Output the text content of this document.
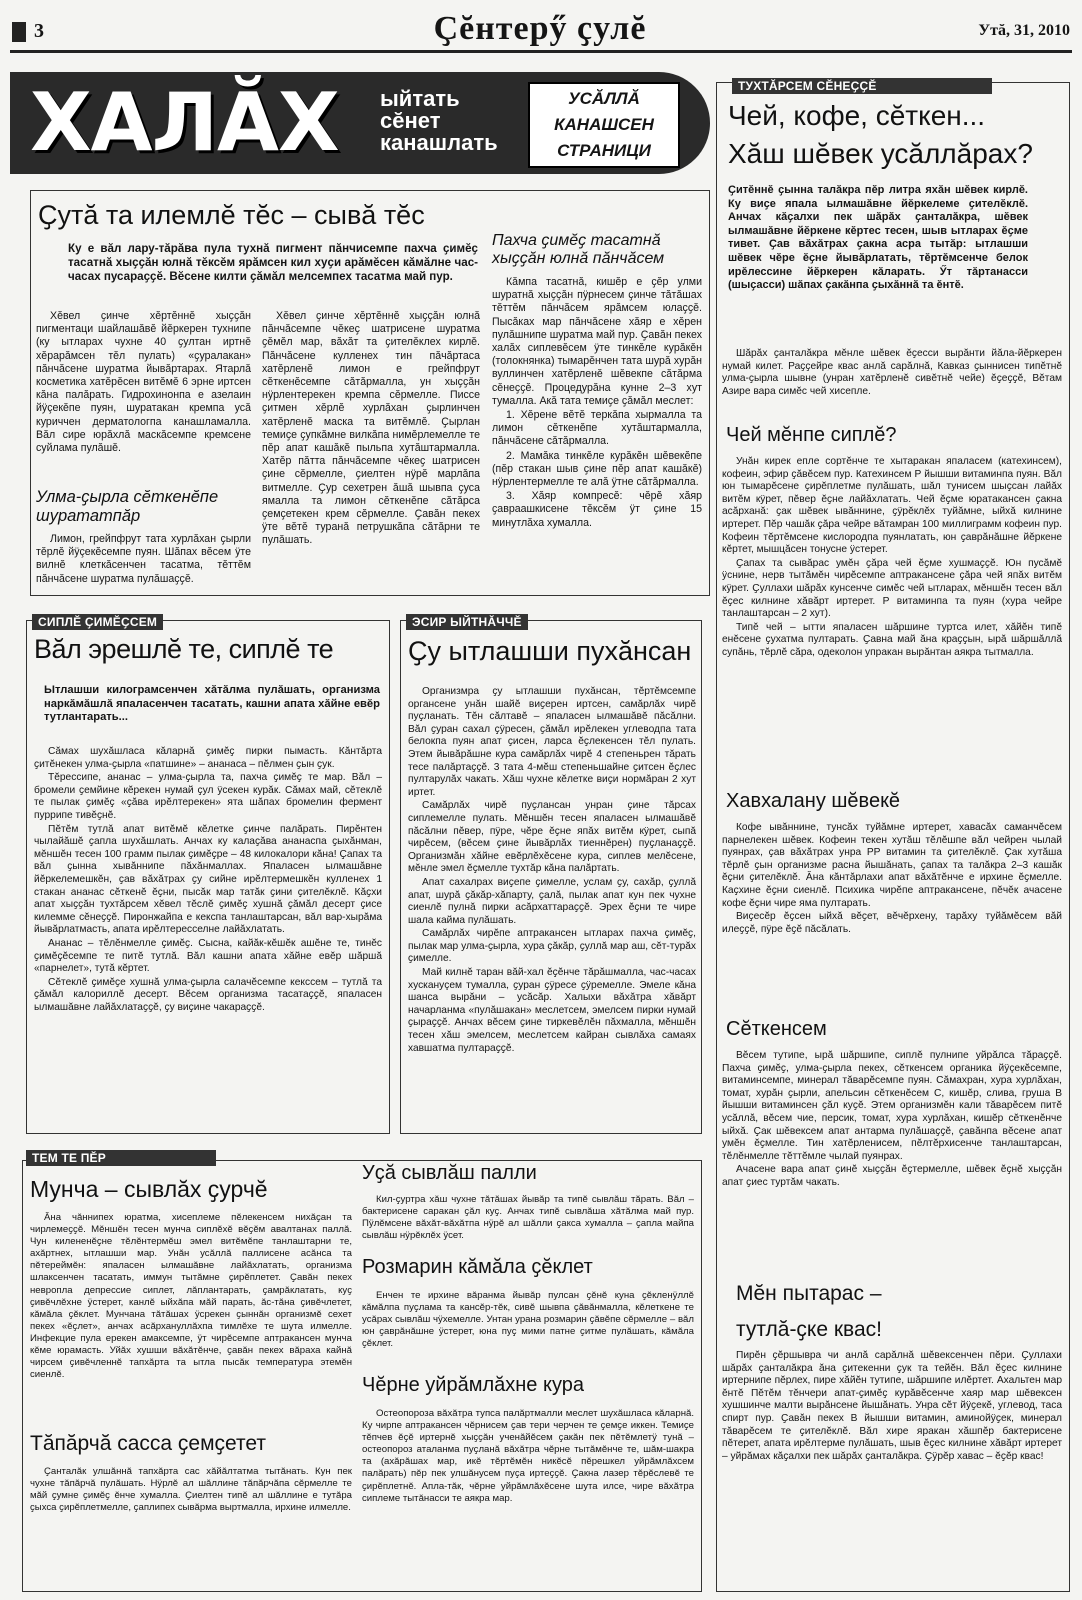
3	Ҫĕнтерӳ ҫулĕ	Утă, 31, 2010
ХАЛĂХ ыйтать
сĕнет
канашлать
УСĂЛЛĂ
КАНАШСЕН
СТРАНИЦИ
Ҫутă та илемлĕ тĕс – сывă тĕс
Ку е вăл лару-тăрăва пула тухнă пигмент пăнчисемпе пахча ҫимĕҫ тасатнă хыҫҫăн юлнă тĕксĕм ярăмсен кил хуҫи арăмĕсен кăмăлне час-часах пусараҫҫĕ. Вĕсене килти ҫăмăл мелсемпех тасатма май пур.

Хĕвел ҫинче хĕртĕннĕ хыҫҫăн пигментаци шайлашăвĕ йĕркерен тухнипе (ку ытларах чухне 40 ҫултан иртнĕ хĕрарăмсен тĕл пулать) «ҫуралакан» пăнчăсене шуратма йывăртарах. Ятарлă косметика хатĕрĕсен витĕмĕ 6 эрне иртсен кăна палăрать. Гидрохинонпа е азелаин йÿçекĕпе пуян, шуратакан кремпа усă куриччен дерматологпа канашламалла. Вăл сире юрăхлă маскăсемпе кремсене суйлама пулăшĕ.

Улма-ҫырла сĕткенĕпе шурататпăр

Лимон, грейпфрут тата хурлăхан ҫырли тĕрлĕ йÿçекĕсемпе пуян. Шăпах вĕсем ÿте вилнĕ клеткăсенчен тасатма, тĕттĕм пăнчăсене шуратма пулăшаҫҫĕ.

Хĕвел ҫинче хĕртĕннĕ хыҫҫăн юлнă пăнчăсемпе чĕкеҫ шатрисене шуратма ҫĕмĕл мар, вăхăт та ҫителĕклех кирлĕ. Пăнчăсене кулленех тин пăчăртаса хатĕрленĕ лимон е грейпфрут сĕткенĕсемпе сăтăрмалла, ун хыҫҫăн нÿрлентерекен кремпа сĕрмелле. Писсе ҫитмен хĕрлĕ хурлăхан ҫырлинчен хатĕрленĕ маска та витĕмлĕ. Ҫырлан темиҫе ҫупкăмне вилкăпа нимĕрлемелле те пĕр апат кашăкĕ пыльпа хутăштармалла. Хатĕр пăтта пăнчăсемпе чĕкеҫ шатрисен ҫине сĕрмелле, ҫиелтен нÿрĕ марлăпа витмелле. Ҫур сехетрен ăшă шывпа ҫуса ямалла та лимон сĕткенĕпе сăтăрса ҫемҫетекен крем сĕрмелле. Ҫавăн пекех ÿте вĕтĕ туранă петрушкăпа сăтăрни те пулăшать.

Пахча ҫимĕҫ тасатнă хыҫҫăн юлнă пăнчăсем

Кăмпа тасатнă, кишĕр е ҫĕр улми шуратнă хыҫҫăн пÿрнесем ҫинче тăтăшах тĕттĕм пăнчăсем ярăмсем юлаҫҫĕ. Пысăках мар пăнчăсене хăяр е хĕрен пулăшнипе шуратма май пур. Ҫавăн пекех халăх сиплевĕсем ÿте тинкĕле курăкĕн (толокнянка) тымарĕнчен тата шурă хурăн вуллинчен хатĕрленĕ шĕвекпе сăтăрма сĕнеҫҫĕ. Процедурăна кунне 2–3 хут тумалла. Акă тата темиҫе ҫăмăл меслет:

1. Хĕрене вĕтĕ теркăпа хырмалла та лимон сĕткенĕпе хутăштармалла, пăнчăсене сăтăрмалла.

2. Мамăка тинкĕле курăкĕн шĕвекĕпе (пĕр стакан шыв ҫине пĕр апат кашăкĕ) нÿрлентермелле те алă ÿтне сăтăрмалла.

3. Хăяр компресĕ: чĕрĕ хăяр ҫавраашкисене тĕксĕм ÿт ҫине 15 минутлăха хумалла.

СИПЛĔ ҪИМĔҪСЕМ
Вăл эрешлĕ те, сиплĕ те
Ытлашши килограмсенчен хăтăлма пулăшать, организма наркăмăшлă япаласенчен тасатать, кашни апата хăйне евĕр тутлантарать...

Сăмах шухăшласа кăларнă ҫимĕҫ пирки пымасть. Кăнтăрта ҫитĕнекен улма-ҫырла «патшине» – ананаса – пĕлмен ҫын ҫук.

Тĕрессипе, ананас – улма-ҫырла та, пахча ҫимĕҫ те мар. Вăл – бромели ҫемйине кĕрекен нумай ҫул ÿсекен курăк. Сăмах май, сĕтеклĕ те пылак ҫимĕҫ «ҫăва ирĕлтерекен» ята шăпах бромелин фермент пуррипе тивĕҫнĕ.

Пĕтĕм тутлă апат витĕмĕ кĕлетке ҫинче палăрать. Пирĕнтен чылайăшĕ ҫапла шухăшлать. Анчах ку калаҫăва ананаспа ҫыхăнман, мĕншĕн тесен 100 грамм пылак ҫимĕҫре – 48 килокалори кăна! Ҫапах та вăл ҫынна хывăннипе пăхăнмаллах. Япаласен ылмашăвне йĕркелемешкĕн, ҫав вăхăтрах ҫу сийне ирĕлтермешкĕн кулленех 1 стакан ананас сĕткенĕ ĕҫни, пысăк мар татăк ҫини ҫителĕклĕ. Кăҫхи апат хыҫҫăн тухтăрсем хĕвел тĕслĕ ҫимĕҫ хушнă ҫăмăл десерт ҫисе килемме сĕнеҫҫĕ. Пиронжайпа е кекспа танлаштарсан, вăл вар-хырăма йывăрлатмасть, апата ирĕлтересселне лайăхлатать.

Ананас – тĕлĕнмелле ҫимĕҫ. Сысна, кайăк-кĕшĕк ашĕне те, тинĕс ҫимĕҫĕсемпе те питĕ тутлă. Вăл кашни апата хăйне евĕр шăршă «парнелет», тутă кĕртет.

Сĕтеклĕ ҫимĕҫе хушнă улма-ҫырла салачĕсемпе кекссем – тутлă та ҫăмăл калориллĕ десерт. Вĕсем организма тасатаҫҫĕ, япаласен ылмашăвне лайăхлатаҫҫĕ, ҫу виҫине чакараҫҫĕ.

ЭСИР ЫЙТНĂЧЧĔ
Ҫу ытлашши пухăнсан

Организмра ҫу ытлашши пухăнсан, тĕртĕмсемпе органсене унăн шайĕ виҫерен иртсен, самăрлăх чирĕ пуҫланать. Тĕн сăлтавĕ – япаласен ылмашăвĕ пăсăлни. Вăл ҫуран сахал ҫÿресен, ҫăмăл ирĕлекен углеводпа тата белокпа пуян апат ҫисен, ларса ĕҫлекенсен тĕл пулать. Этем йывăрăшне кура самăрлăх чирĕ 4 степеньрен тăрать тесе палăртаҫҫĕ. 3 тата 4-мĕш степеньшайне ҫитсен ĕҫлес пултарулăх чакать. Хăш чухне кĕлетке виҫи нормăран 2 хут иртет.

Самăрлăх чирĕ пуҫлансан унран ҫине тăрсах сиплемелле пулать. Мĕншĕн тесен япаласен ылмашăвĕ пăсăлни пĕвер, пÿре, чĕре ĕҫне япăх витĕм кÿрет, сыпă чирĕсем, (вĕсем ҫине йывăрлăх тиеннĕрен) пуҫланаҫҫĕ. Организмăн хăйне евĕрлĕхĕсене кура, сиплев мелĕсене, мĕнле эмел ĕҫмелле тухтăр кăна палăртать.

Апат сахалрах виҫепе ҫимелле, услам ҫу, сахăр, ҫуллă апат, шурă ҫăкăр-хăпарту, ҫалă, пылак апат кун пек чухне сиенлĕ пулнă пирки асăрхаттараҫҫĕ. Эрех ĕҫни те чире шала кайма пулăшать.

Самăрлăх чирĕпе аптракансен ытларах пахча ҫимĕҫ, пылак мар улма-ҫырла, хура ҫăкăр, ҫуллă мар аш, сĕт-турăх ҫимелле.

Май килнĕ таран вăй-хал ĕҫĕнче тăрăшмалла, час-часах хускануçем тумалла, ҫуран ҫÿресе ҫÿремелле. Эмеле кăна шанса вырăни – усăсăр. Халыхи вăхăтра хăвăрт начарланма «пулăшакан» меслетсем, эмелсем пирки нумай ҫыраҫҫĕ. Анчах вĕсем ҫине тиркевĕлĕн пăхмалла, мĕншĕн тесен хăш эмелсем, меслетсем кайран сывлăха самаях хавшатма пултараҫҫĕ.

ТУХТĂРСЕМ СĔНЕҪҪĔ
Чей, кофе, сĕткен...
Хăш шĕвек усăллăрах?
Ҫитĕннĕ ҫынна талăкра пĕр литра яхăн шĕвек кирлĕ. Ку виҫе япала ылмашăвне йĕркелеме ҫителĕклĕ. Анчах кăҫалхи пек шăрăх ҫанталăкра, шĕвек ылмашăвне йĕркене кĕртес тесен, шыв ытларах ĕҫме тивет. Ҫав вăхăтрах ҫакна асра тытăр: ытлашши шĕвек чĕре ĕҫне йывăрлатать, тĕртĕмсенче белок ирĕлессине йĕркерен кăларать. Ӳт тăртанасси (шыҫасси) шăпах ҫакăнпа ҫыхăннă та ĕнтĕ.

Шăрăх ҫанталăкра мĕнле шĕвек ĕҫесси вырăнти йăла-йĕркерен нумай килет. Раҫҫейре квас анлă сарăлнă, Кавказ ҫыннисен типĕтнĕ улма-ҫырла шывне (унран хатĕрленĕ сивĕтнĕ чейе) ĕҫеҫҫĕ, Вĕтам Азире вара симĕс чей хисеплe.

Чей мĕнпе сиплĕ?

Унăн кирек епле сортĕнче те хытаракан япаласем (катехинсем), кофеин, эфир ҫăвĕсем пур. Катехинсем Р йышши витаминпа пуян. Вăл юн тымарĕсене ҫирĕплетме пулăшать, шăл тунисем шыҫсан лайăх витĕм кÿрет, пĕвер ĕҫне лайăхлатать. Чей ĕҫме юратакансен ҫакна асăрханă: ҫак шĕвек ывăннине, ҫÿрĕклĕх туйăмне, ыйхă килнине иртерет. Пĕр чашăк ҫăра чейре вăтамран 100 миллиграмм кофеин пур. Кофеин тĕртĕмсене кислородпа пуянлатать, юн ҫаврăнăшне йĕркене кĕртет, мышцăсен тонусне ÿстерет.

Ҫапах та сывăрас умĕн ҫăра чей ĕҫме хушмаҫҫĕ. Юн пусăмĕ ÿснине, нерв тытăмĕн чирĕсемпе аптракансене ҫăра чей япăх витĕм кÿрет. Ҫуллахи шăрăх кунсенче симĕс чей ытларах, мĕншĕн тесен вăл ĕҫес килнине хăвăрт иртерет. Р витаминпа та пуян (хура чейре танлаштарсан – 2 хут).

Типĕ чей – ытти япаласен шăршине туртса илет, хăйĕн типĕ енĕсене ҫухатма пултарать. Ҫавна май ăна краҫҫын, ырă шăршăллă супăнь, тĕрлĕ сăра, одеколон упракан вырăнтан аякра тытмалла.

Хавхалану шĕвекĕ

Кофе ывăннине, тунсăх туйăмне иртерет, хавасăх саманчĕсем парнелекен шĕвек. Кофеин текен хутăш тĕлĕшпе вăл чейрен чылай пуянрах, ҫав вăхăтрах унра РР витамин та ҫителĕклĕ. Ҫак хутăша тĕрлĕ ҫын организме расна йышăнать, ҫапах та талăкра 2–3 кашăк ĕҫни ҫителĕклĕ. Ăна кăнтăрлахи апат вăхăтĕнче е ирхине ĕҫмелле. Каҫхине ĕҫни сиенлĕ. Психика чирĕпе аптракансене, пĕчĕк ачасене кофе ĕҫни чире яма пултарать.

Виҫесĕр ĕҫсен ыйхă вĕҫет, вĕчĕрхену, тарăху туйăмĕсем вăй илеҫҫĕ, пÿре ĕҫĕ пăсăлать.

Сĕткенсем

Вĕсем тутипе, ырă шăршипе, сиплĕ пулнипе уйрăлса тăраҫҫĕ. Пахча ҫимĕҫ, улма-ҫырла пекех, сĕткенсем органика йÿçекĕсемпе, витаминсемпе, минерал тăварĕсемпе пуян. Сăмахран, хура хурлăхан, томат, хурăн ҫырли, апельсин сĕткенĕсем С, кишĕр, слива, груша В йышши витаминсен ҫăл куҫĕ. Этем организмĕн кали тăварĕсем питĕ усăллă, вĕсем чие, персик, томат, хура хурлăхан, кишĕр сĕткенĕнче ыйхă. Ҫак шĕвексем апат антарма пулăшаҫҫĕ, ҫавăнпа вĕсене апат умĕн ĕҫмелле. Тин хатĕрленисем, пĕлтĕрхисенче танлаштарсан, тĕлĕнмелле тĕттĕмле чылай пуянрах.

Ачасене вара апат ҫинĕ хыҫҫăн ĕҫтермелле, шĕвек ĕҫнĕ хыҫҫăн апат ҫиес туртăм чакать.

Мĕн пытарас –
тутлă-ҫке квас!

Пирĕн ҫĕршывра чи анлă сарăлнă шĕвексенчен пĕри. Ҫуллахи шăрăх ҫанталăкра ăна ҫитекенни ҫук та тейĕн. Вăл ĕҫес килнине иртернипе пĕрлех, пире хăйĕн тутипе, шăршипе илĕртет. Ахальтен мар ĕнтĕ Пĕтĕм тĕнчери апат-ҫимĕҫ курăвĕсенче хаяр мар шĕвексен хушшинче малти вырăнсене йышăнать. Унра сĕт йÿҫекĕ, углевод, таса спирт пур. Ҫавăн пекех В йышши витамин, аминойÿҫек, минерал тăварĕсем те ҫителĕклĕ. Вăл хире яракан хăшпĕр бактерисене пĕтерет, апата ирĕлтерме пулăшать, шыв ĕҫес килнине хăвăрт иртерет – уйрăмах кăҫалхи пек шăрăх ҫанталăкра. Ҫÿрĕр хавас – ĕҫĕр квас!

ТЕМ ТЕ ПĔР
Мунча – сывлăх ҫурчĕ

Ăна чăннипех юратма, хисеплеме пĕлекенсем нихăҫан та чирлемеҫҫĕ. Мĕншĕн тесен мунча сиплĕхĕ вĕҫĕм авалтанах паллă. Чун килененĕҫне тĕлĕнтермĕш эмел витĕмĕпе танлаштарни те, ахăртнех, ытлашши мар. Унăн усăллă паллисене асăнса та пĕтереймĕн: япаласен ылмашăвне лайăхлатать, организма шлаксенчен тасатать, иммун тытăмне ҫирĕплетет. Ҫавăн пекех невропла депрессие сиплет, лăплантарать, ҫамрăклатать, куҫ ҫивĕчлĕхне ÿстерет, канлĕ ыйхăпа мăй парать, ăс-тăна ҫивĕчлетет, кăмăла ҫĕклет. Мунчана тăтăшах ÿсрекен ҫыннăн организмĕ сехет пекех «ĕҫлет», анчах асăрхануллăхпа тимлĕхе те шута илмелле. Инфекцие пула ерекен амаксемпе, ÿт чирĕсемпе аптракансен мунча кĕме юрамасть. Уйăх хушши вăхăтĕнче, ҫавăн пекех вăраха кайнă чирсем ҫивĕчленнĕ тапхăрта та ытла пысăк температура этемĕн сиенлĕ.

Тăпăрчă сасса ҫемҫетет

Ҫанталăк улшăннă тапхăрта сас хăйăлтатма тытăнать. Кун пек чухне тăпăрчă пулăшать. Нÿрлĕ ал шăллине тăпăрчăпа сĕрмелле те мăй ҫумне ҫимĕҫ ĕнче хумалла. Ҫиелтен типĕ ал шăллине е тутăра ҫыхса ҫирĕплетмелле, ҫаплипех сывăрма выртмалла, ирхине илмелле.

Уҫă сывлăш палли

Кил-ҫуртра хăш чухне тăтăшах йывăр та типĕ сывлăш тăрать. Вăл – бактерисене саракан ҫăл куҫ. Анчах типĕ сывлăша хăтăлма май пур. Пÿлĕмсене вăхăт-вăхăтпа нÿрĕ ал шăлли ҫакса хумалла – ҫапла майпа сывлăш нÿрĕклĕх ÿсет.

Розмарин кăмăла ҫĕклет

Енчен те ирхине вăранма йывăр пулсан ҫĕнĕ куна ҫĕкленÿллĕ кăмăлпа пуҫлама та кансĕр-тĕк, сивĕ шывпа ҫăвăнмалла, кĕлеткене те усăрах сывлăш чÿхемелле. Унтан урана розмарин ҫăвĕпе сĕрмелле – вăл юн ҫаврăнăшне ÿстерет, юна пуҫ мими патне ҫитме пулăшать, кăмăла ҫĕклет.

Чĕрне уйрăмлăхне кура

Остеопороза вăхăтра тупса палăртмалли меслет шухăшласа кăларнă. Ку чирпе аптракансен чĕрнисем ҫав тери черчен те ҫемҫе иккен. Темиҫе тĕпчев ĕҫĕ иртернĕ хыҫҫăн ученăйĕсем ҫакăн пек пĕтĕмлетÿ тунă – остеопороз аталанма пуҫланă вăхăтра чĕрне тытăмĕнче те, шăм-шакра та (ахăрăшах мар, икĕ тĕртĕмĕн никĕсĕ пĕрешкел уйрăмлăхсем палăрать) пĕр пек улшăнусем пуҫа иртеҫҫĕ. Ҫакна лазер тĕрĕслевĕ те ҫирĕплетнĕ. Апла-тăк, чĕрне уйрăмлăхĕсене шута илсе, чире вăхăтра сиплеме тытăнасси те аякра мар.
